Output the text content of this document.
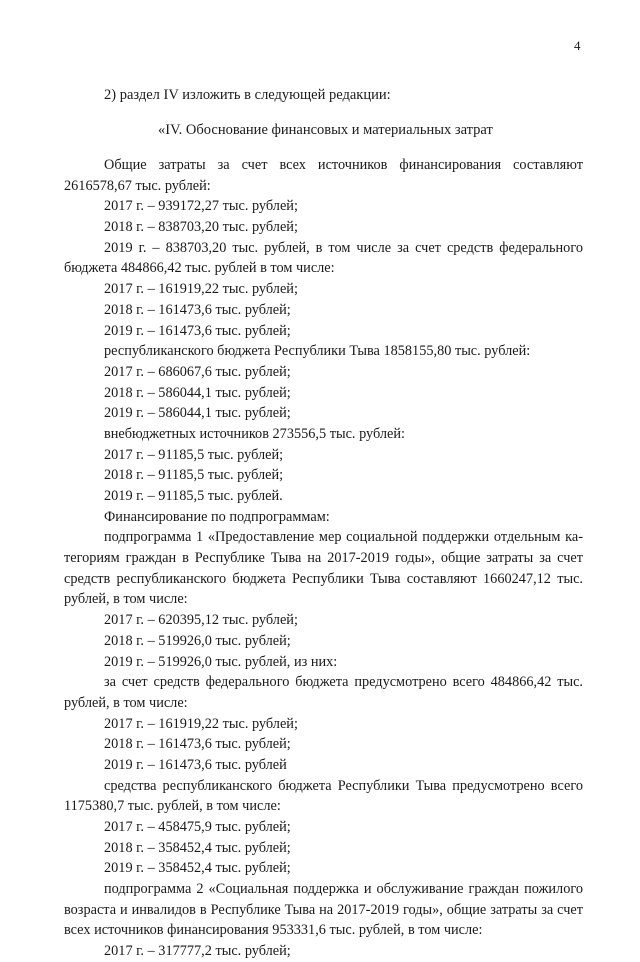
4
2) раздел IV изложить в следующей редакции:
«IV. Обоснование финансовых и материальных затрат
Общие затраты за счет всех источников финансирования составляют
2616578,67 тыс. рублей:
2017 г. – 939172,27 тыс. рублей;
2018 г. – 838703,20 тыс. рублей;
2019 г. – 838703,20 тыс. рублей, в том числе за счет средств федерального
бюджета 484866,42 тыс. рублей в том числе:
2017 г. – 161919,22 тыс. рублей;
2018 г. – 161473,6 тыс. рублей;
2019 г. – 161473,6 тыс. рублей;
республиканского бюджета Республики Тыва 1858155,80 тыс. рублей:
2017 г. – 686067,6 тыс. рублей;
2018 г. – 586044,1 тыс. рублей;
2019 г. – 586044,1 тыс. рублей;
внебюджетных источников 273556,5 тыс. рублей:
2017 г. – 91185,5 тыс. рублей;
2018 г. – 91185,5 тыс. рублей;
2019 г. – 91185,5 тыс. рублей.
Финансирование по подпрограммам:
подпрограмма 1 «Предоставление мер социальной поддержки отдельным ка-
тегориям граждан в Республике Тыва на 2017-2019 годы», общие затраты за счет
средств республиканского бюджета Республики Тыва составляют 1660247,12 тыс.
рублей, в том числе:
2017 г. – 620395,12 тыс. рублей;
2018 г. – 519926,0 тыс. рублей;
2019 г. – 519926,0 тыс. рублей, из них:
за счет средств федерального бюджета предусмотрено всего 484866,42 тыс.
рублей, в том числе:
2017 г. – 161919,22 тыс. рублей;
2018 г. – 161473,6 тыс. рублей;
2019 г. – 161473,6 тыс. рублей
средства республиканского бюджета Республики Тыва предусмотрено всего
1175380,7 тыс. рублей, в том числе:
2017 г. – 458475,9 тыс. рублей;
2018 г. – 358452,4 тыс. рублей;
2019 г. – 358452,4 тыс. рублей;
подпрограмма 2 «Социальная поддержка и обслуживание граждан пожилого
возраста и инвалидов в Республике Тыва на 2017-2019 годы», общие затраты за счет
всех источников финансирования 953331,6 тыс. рублей, в том числе:
2017 г. – 317777,2 тыс. рублей;
